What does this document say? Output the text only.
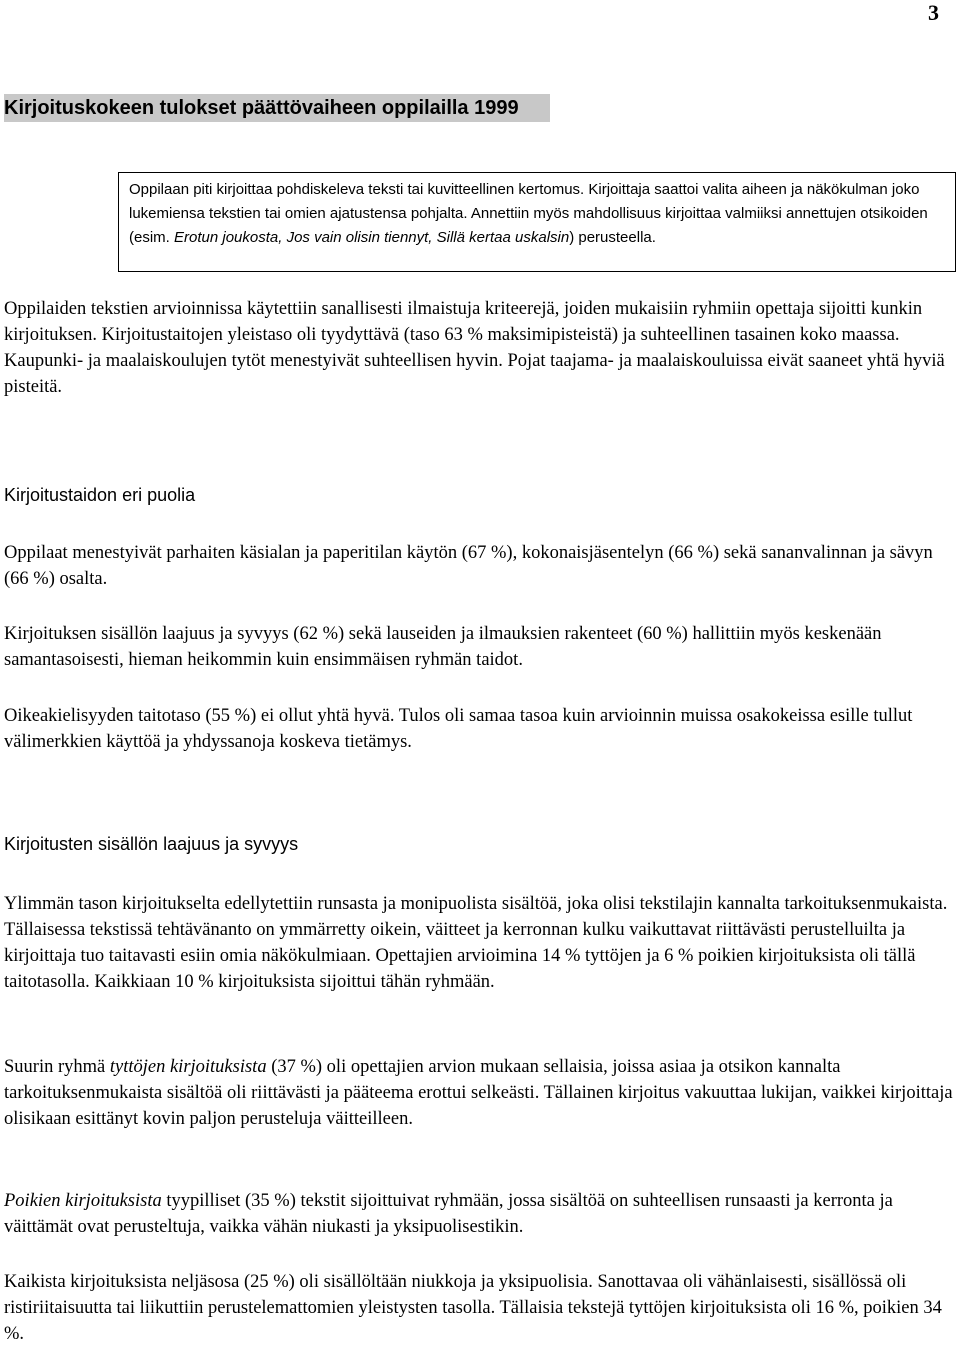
3
Kirjoituskokeen tulokset päättövaiheen oppilailla 1999

Oppilaan piti kirjoittaa pohdiskeleva teksti tai kuvitteellinen kertomus. Kirjoittaja saattoi valita aiheen ja näkökulman joko lukemiensa tekstien tai omien ajatustensa pohjalta. Annettiin myös mahdollisuus kirjoittaa valmiiksi annettujen otsikoiden (esim. Erotun joukosta, Jos vain olisin tiennyt, Sillä kertaa uskalsin) perusteella.

Oppilaiden tekstien arvioinnissa käytettiin sanallisesti ilmaistuja kriteerejä, joiden mukaisiin ryhmiin opettaja sijoitti kunkin kirjoituksen. Kirjoitustaitojen yleistaso oli tyydyttävä (taso 63 % maksimipisteistä) ja suhteellinen tasainen koko maassa. Kaupunki- ja maalaiskoulujen tytöt menestyivät suhteellisen hyvin. Pojat taajama- ja maalaiskouluissa eivät saaneet yhtä hyviä pisteitä.

Kirjoitustaidon eri puolia

Oppilaat menestyivät parhaiten käsialan ja paperitilan käytön (67 %), kokonaisjäsentelyn (66 %) sekä sananvalinnan ja sävyn (66 %) osalta.

Kirjoituksen sisällön laajuus ja syvyys (62 %) sekä lauseiden ja ilmauksien rakenteet (60 %) hallittiin myös keskenään samantasoisesti, hieman heikommin kuin ensimmäisen ryhmän taidot.

Oikeakielisyyden taitotaso (55 %) ei ollut yhtä hyvä. Tulos oli samaa tasoa kuin arvioinnin muissa osakokeissa esille tullut välimerkkien käyttöä ja yhdyssanoja koskeva tietämys.

Kirjoitusten sisällön laajuus ja syvyys

Ylimmän tason kirjoitukselta edellytettiin runsasta ja monipuolista sisältöä, joka olisi tekstilajin kannalta tarkoituksenmukaista. Tällaisessa tekstissä tehtävänanto on ymmärretty oikein, väitteet ja kerronnan kulku vaikuttavat riittävästi perustelluilta ja kirjoittaja tuo taitavasti esiin omia näkökulmiaan. Opettajien arvioimina 14 % tyttöjen ja 6 % poikien kirjoituksista oli tällä taitotasolla. Kaikkiaan 10 % kirjoituksista sijoittui tähän ryhmään.

Suurin ryhmä tyttöjen kirjoituksista (37 %) oli opettajien arvion mukaan sellaisia, joissa asiaa ja otsikon kannalta tarkoituksenmukaista sisältöä oli riittävästi ja pääteema erottui selkeästi. Tällainen kirjoitus vakuuttaa lukijan, vaikkei kirjoittaja olisikaan esittänyt kovin paljon perusteluja väitteilleen.

Poikien kirjoituksista tyypilliset (35 %) tekstit sijoittuivat ryhmään, jossa sisältöä on suhteellisen runsaasti ja kerronta ja väittämät ovat perusteltuja, vaikka vähän niukasti ja yksipuolisestikin.

Kaikista kirjoituksista neljäsosa (25 %) oli sisällöltään niukkoja ja yksipuolisia. Sanottavaa oli vähänlaisesti, sisällössä oli ristiriitaisuutta tai liikuttiin perustelemattomien yleistysten tasolla. Tällaisia tekstejä tyttöjen kirjoituksista oli 16 %, poikien 34 %.
